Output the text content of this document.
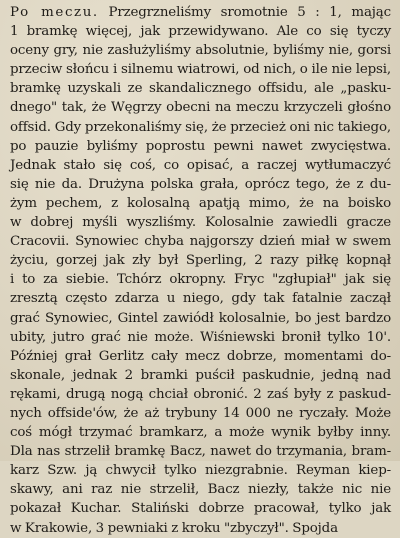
Po meczu. Przegrzneliśmy sromotnie 5 : 1, mając
1 bramkę więcej, jak przewidywano. Ale co się tyczy
oceny gry, nie zasłużyliśmy absolutnie, byliśmy nie, gorsi
przeciw słońcu i silnemu wiatrowi, od nich, o ile nie lepsi,
bramkę uzyskali ze skandalicznego offsidu, ale „pasku-
dnego" tak, że Węgrzy obecni na meczu krzyczeli głośno
offsid. Gdy przekonaliśmy się, że przecież oni nic takiego,
po pauzie byliśmy poprostu pewni nawet zwycięstwa.
Jednak stało się coś, co opisać, a raczej wytłumaczyć
się nie da. Drużyna polska grała, oprócz tego, że z du-
żym pechem, z kolosalną apatją mimo, że na boisko
w dobrej myśli wyszliśmy. Kolosalnie zawiedli gracze
Cracovii. Synowiec chyba najgorszy dzień miał w swem
życiu, gorzej jak zły był Sperling, 2 razy piłkę kopnął
i to za siebie. Tchórz okropny. Fryc "zgłupiał" jak się
zresztą często zdarza u niego, gdy tak fatalnie zaczął
grać Synowiec, Gintel zawiódł kolosalnie, bo jest bardzo
ubity, jutro grać nie może. Wiśniewski bronił tylko 10'.
Później grał Gerlitz cały mecz dobrze, momentami do-
skonale, jednak 2 bramki puścił paskudnie, jedną nad
rękami, drugą nogą chciał obronić. 2 zaś były z paskud-
nych offside'ów, że aż trybuny 14 000 ne ryczały. Może
coś mógł trzymać bramkarz, a może wynik byłby inny.
Dla nas strzelił bramkę Bacz, nawet do trzymania, bram-
karz Szw. ją chwycił tylko niezgrabnie. Reyman kiep-
skawy, ani raz nie strzelił, Bacz niezły, także nic nie
pokazał Kuchar. Staliński dobrze pracował, tylko jak
w Krakowie, 3 pewniaki z kroku "zbyczył". Spojda
